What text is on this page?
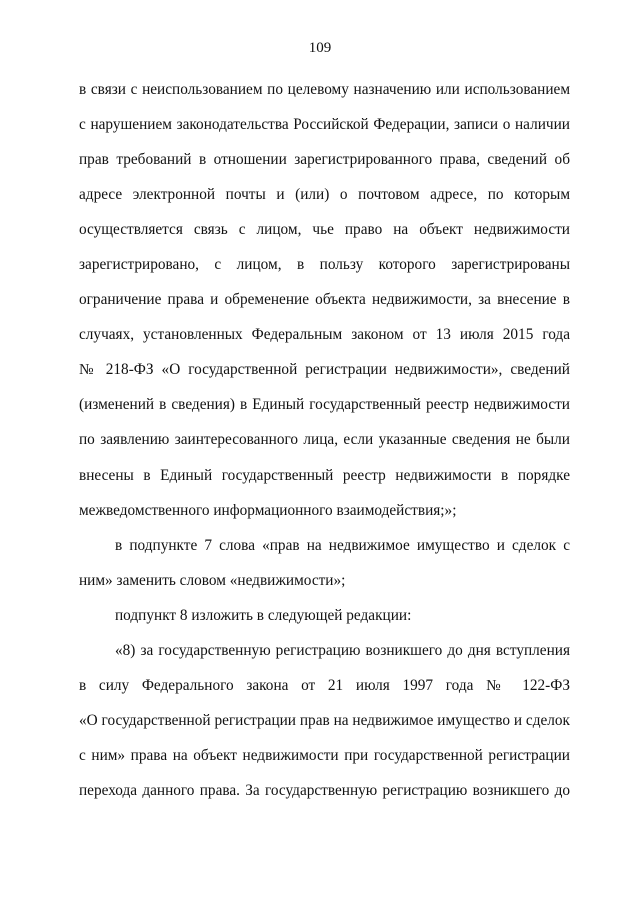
109
в связи с неиспользованием по целевому назначению или использованием
с нарушением законодательства Российской Федерации, записи о наличии
прав требований в отношении зарегистрированного права, сведений об
адресе электронной почты и (или) о почтовом адресе, по которым
осуществляется связь с лицом, чье право на объект недвижимости
зарегистрировано, с лицом, в пользу которого зарегистрированы
ограничение права и обременение объекта недвижимости, за внесение в
случаях, установленных Федеральным законом от 13 июля 2015 года
№ 218-ФЗ «О государственной регистрации недвижимости», сведений
(изменений в сведения) в Единый государственный реестр недвижимости
по заявлению заинтересованного лица, если указанные сведения не были
внесены в Единый государственный реестр недвижимости в порядке
межведомственного информационного взаимодействия;»;
в подпункте 7 слова «прав на недвижимое имущество и сделок с
ним» заменить словом «недвижимости»;
подпункт 8 изложить в следующей редакции:
«8) за государственную регистрацию возникшего до дня вступления
в силу Федерального закона от 21 июля 1997 года № 122-ФЗ
«О государственной регистрации прав на недвижимое имущество и сделок
с ним» права на объект недвижимости при государственной регистрации
перехода данного права. За государственную регистрацию возникшего до
